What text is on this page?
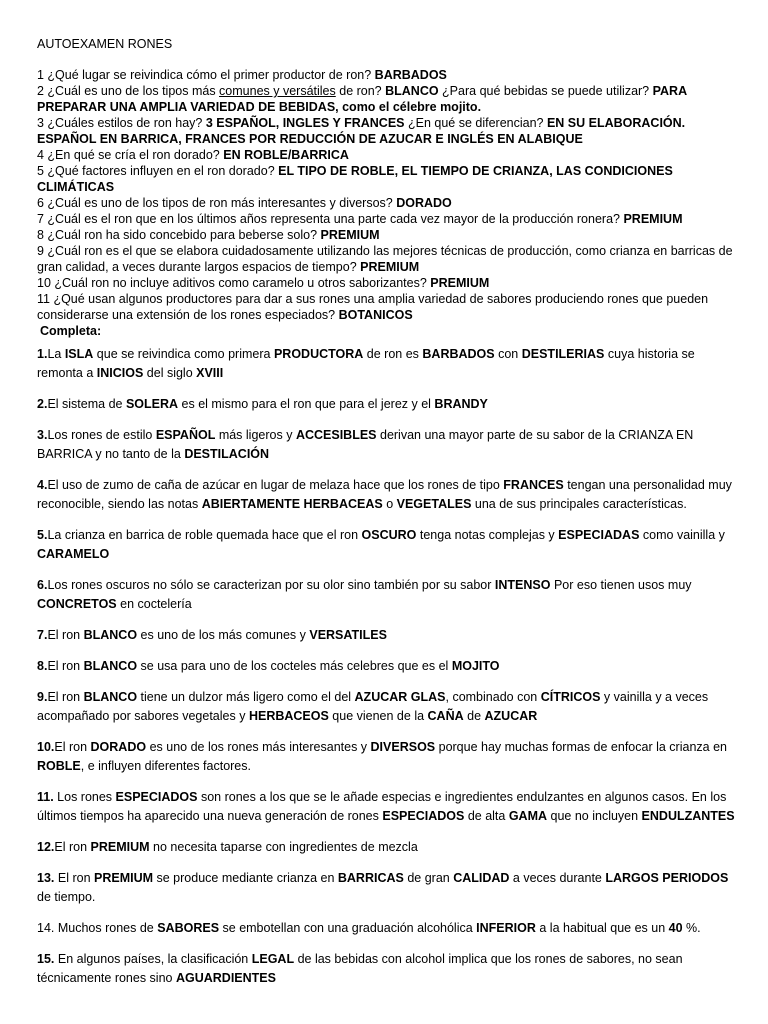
AUTOEXAMEN RONES

1 ¿Qué lugar se reivindica cómo el primer productor de ron? BARBADOS

2 ¿Cuál es uno de los tipos más comunes y versátiles de ron? BLANCO ¿Para qué bebidas se puede utilizar? PARA PREPARAR UNA AMPLIA VARIEDAD DE BEBIDAS, como el célebre mojito.

3 ¿Cuáles estilos de ron hay? 3 ESPAÑOL, INGLES Y FRANCES ¿En qué se diferencian? EN SU ELABORACIÓN. ESPAÑOL EN BARRICA, FRANCES POR REDUCCIÓN DE AZUCAR E INGLÉS EN ALABIQUE

4 ¿En qué se cría el ron dorado? EN ROBLE/BARRICA

5 ¿Qué factores influyen en el ron dorado? EL TIPO DE ROBLE, EL TIEMPO DE CRIANZA, LAS CONDICIONES CLIMÁTICAS

6 ¿Cuál es uno de los tipos de ron más interesantes y diversos? DORADO

7 ¿Cuál es el ron que en los últimos años representa una parte cada vez mayor de la producción ronera? PREMIUM

8 ¿Cuál ron ha sido concebido para beberse solo? PREMIUM

9 ¿Cuál ron es el que se elabora cuidadosamente utilizando las mejores técnicas de producción, como crianza en barricas de gran calidad, a veces durante largos espacios de tiempo? PREMIUM

10 ¿Cuál ron no incluye aditivos como caramelo u otros saborizantes? PREMIUM

11 ¿Qué usan algunos productores para dar a sus rones una amplia variedad de sabores produciendo rones que pueden considerarse una extensión de los rones especiados? BOTANICOS

Completa:

1.La ISLA que se reivindica como primera PRODUCTORA de ron es BARBADOS con DESTILERIAS cuya historia se remonta a INICIOS del siglo XVIII

2.El sistema de SOLERA es el mismo para el ron que para el jerez y el BRANDY

3.Los rones de estilo ESPAÑOL más ligeros y ACCESIBLES derivan una mayor parte de su sabor de la CRIANZA EN BARRICA y no tanto de la DESTILACIÓN

4.El uso de zumo de caña de azúcar en lugar de melaza hace que los rones de tipo FRANCES tengan una personalidad muy reconocible, siendo las notas ABIERTAMENTE HERBACEAS o VEGETALES una de sus principales características.

5.La crianza en barrica de roble quemada hace que el ron OSCURO tenga notas complejas y ESPECIADAS como vainilla y CARAMELO

6.Los rones oscuros no sólo se caracterizan por su olor sino también por su sabor INTENSO Por eso tienen usos muy CONCRETOS en coctelería

7.El ron BLANCO es uno de los más comunes y VERSATILES

8.El ron BLANCO se usa para uno de los cocteles más celebres que es el MOJITO

9.El ron BLANCO tiene un dulzor más ligero como el del AZUCAR GLAS, combinado con CÍTRICOS y vainilla y a veces acompañado por sabores vegetales y HERBACEOS que vienen de la CAÑA de AZUCAR

10.El ron DORADO es uno de los rones más interesantes y DIVERSOS porque hay muchas formas de enfocar la crianza en ROBLE, e influyen diferentes factores.

11. Los rones ESPECIADOS son rones a los que se le añade especias e ingredientes endulzantes en algunos casos. En los últimos tiempos ha aparecido una nueva generación de rones ESPECIADOS de alta GAMA que no incluyen ENDULZANTES

12.El ron PREMIUM no necesita taparse con ingredientes de mezcla

13. El ron PREMIUM se produce mediante crianza en BARRICAS de gran CALIDAD a veces durante LARGOS PERIODOS de tiempo.

14. Muchos rones de SABORES se embotellan con una graduación alcohólica INFERIOR a la habitual que es un 40 %.

15. En algunos países, la clasificación LEGAL de las bebidas con alcohol implica que los rones de sabores, no sean técnicamente rones sino AGUARDIENTES
